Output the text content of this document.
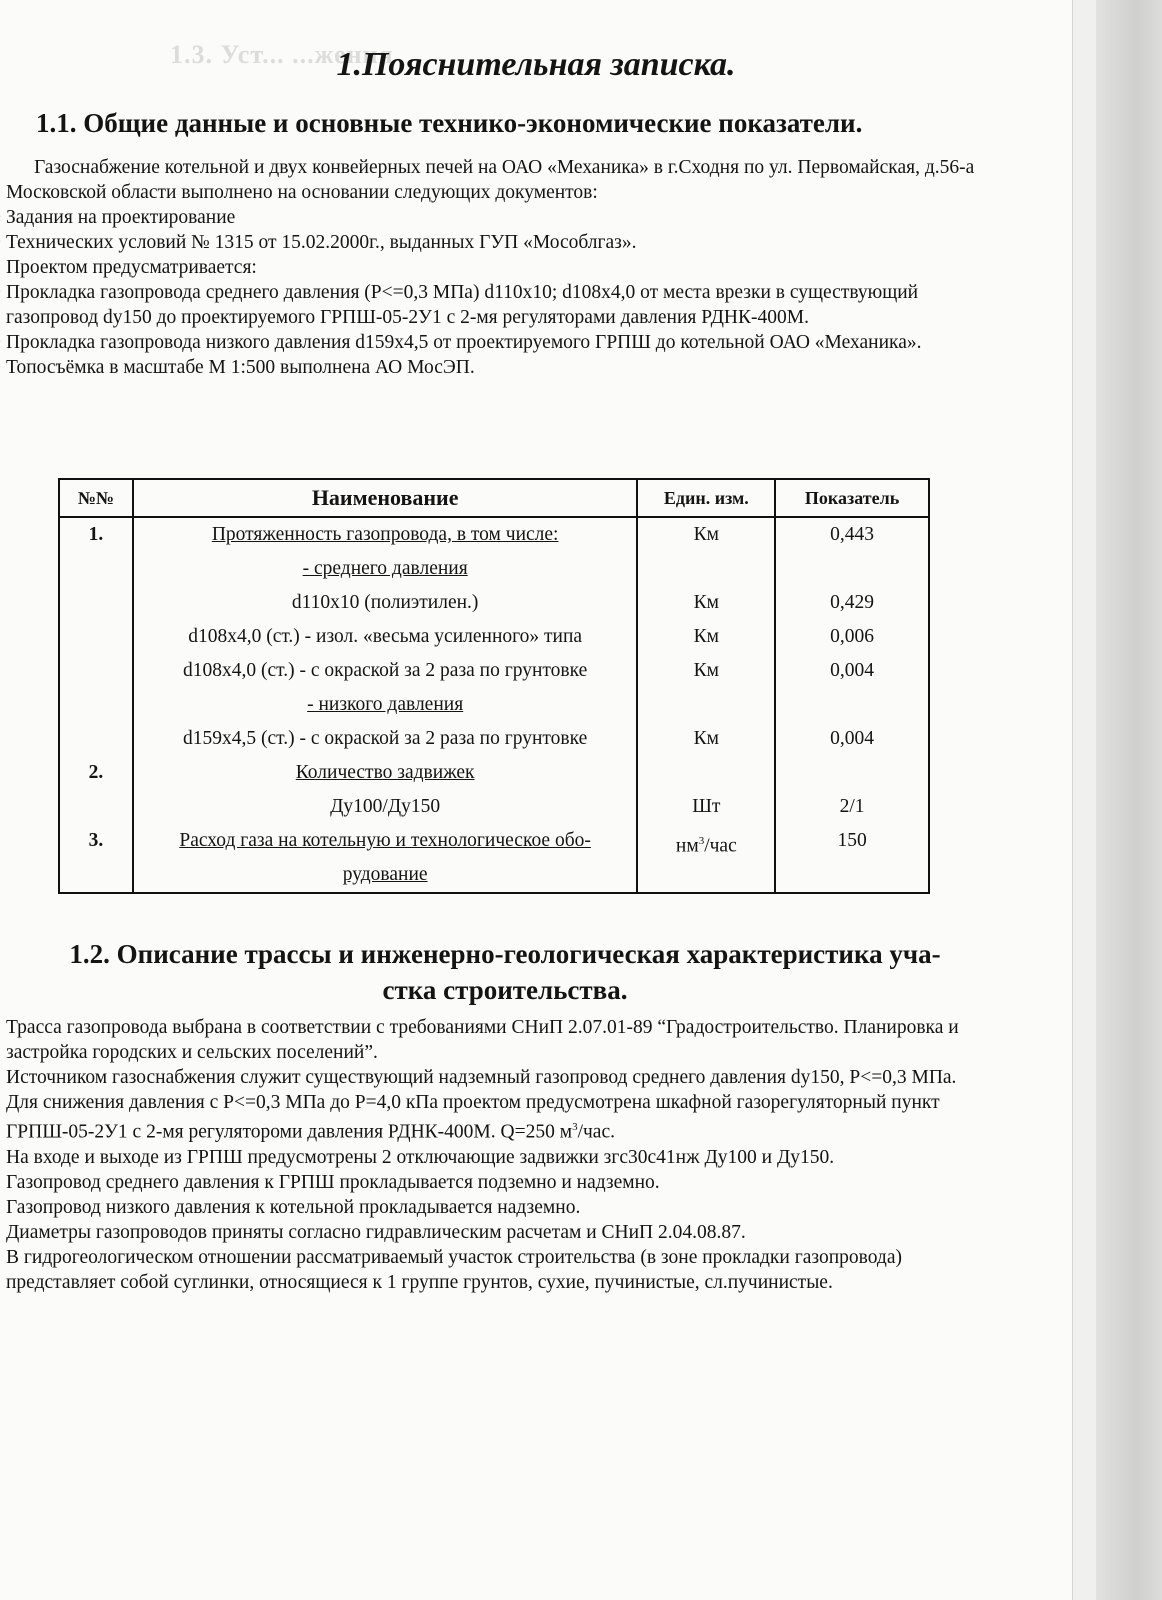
1.3. Уст... ...жения
1.Пояснительная записка.
1.1. Общие данные и основные технико-экономические показатели.

Газоснабжение котельной и двух конвейерных печей на ОАО «Механика» в г.Сходня по ул. Первомайская, д.56-а Московской области выполнено на основании следующих документов:

• Задания на проектирование

• Технических условий № 1315 от 15.02.2000г., выданных ГУП «Мособлгаз».

Проектом предусматривается:

• Прокладка газопровода среднего давления (Р<=0,3 МПа) d110x10; d108x4,0 от места врезки в существующий газопровод dy150 до проектируемого ГРПШ-05-2У1 с 2-мя регуляторами давления РДНК-400М.

• Прокладка газопровода низкого давления d159x4,5 от проектируемого ГРПШ до котельной ОАО «Механика».

• Топосъёмка в масштабе М 1:500 выполнена АО МосЭП.

№№	Наименование	Един. изм.	Показатель
1.	Протяженность газопровода, в том числе:	Км	0,443
	- среднего давления		
	d110x10 (полиэтилен.)	Км	0,429
	d108x4,0 (ст.) - изол. «весьма усиленного» типа	Км	0,006
	d108x4,0 (ст.) - с окраской за 2 раза по грунтовке	Км	0,004
	- низкого давления		
	d159x4,5 (ст.) - с окраской за 2 раза по грунтовке	Км	0,004
2.	Количество задвижек		
	Ду100/Ду150	Шт	2/1
3.	Расход газа на котельную и технологическое обо-
рудование	$нм^3$/час	150
1.2. Описание трассы и инженерно-геологическая характеристика уча-
стка строительства.

Трасса газопровода выбрана в соответствии с требованиями СНиП 2.07.01-89 “Градостроительство. Планировка и застройка городских и сельских поселений”.

Источником газоснабжения служит существующий надземный газопровод среднего давления dy150, Р<=0,3 МПа.

Для снижения давления с Р<=0,3 МПа до Р=4,0 кПа проектом предусмотрена шкафной газорегуляторный пункт ГРПШ-05-2У1 с 2-мя регулятороми давления РДНК-400М. Q=250 $м^3$/час.

На входе и выходе из ГРПШ предусмотрены 2 отключающие задвижки згс30с41нж Ду100 и Ду150.

Газопровод среднего давления к ГРПШ прокладывается подземно и надземно.

Газопровод низкого давления к котельной прокладывается надземно.

Диаметры газопроводов приняты согласно гидравлическим расчетам и СНиП 2.04.08.87.

В гидрогеологическом отношении рассматриваемый участок строительства (в зоне прокладки газопровода) представляет собой суглинки, относящиеся к 1 группе грунтов, сухие, пучинистые, сл.пучинистые.
